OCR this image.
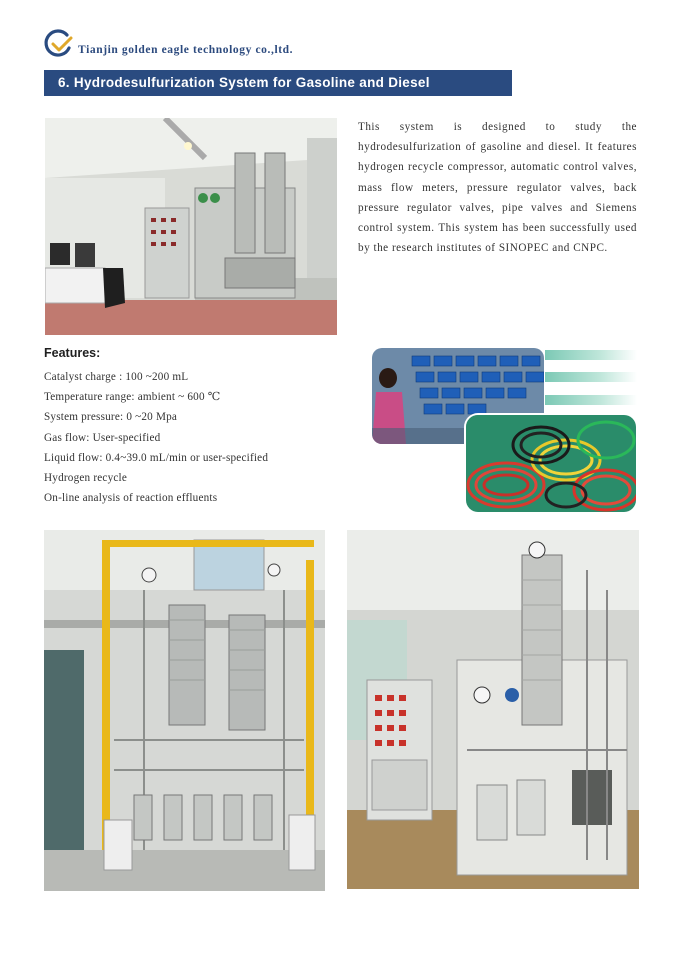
Tianjin golden eagle technology co.,ltd.
6. Hydrodesulfurization System for Gasoline and Diesel
This system is designed to study the hydrodesulfurization of gasoline and diesel. It features hydrogen recycle compressor, automatic control valves, mass flow meters, pressure regulator valves, back pressure regulator valves, pipe valves and Siemens control system. This system has been successfully used by the research institutes of SINOPEC and CNPC.
Features:
Catalyst charge : 100 ~200 mL
Temperature range: ambient ~ 600 ℃
System pressure: 0 ~20 Mpa
Gas flow: User-specified
Liquid flow: 0.4~39.0 mL/min or user-specified
Hydrogen recycle
On-line analysis of reaction effluents
